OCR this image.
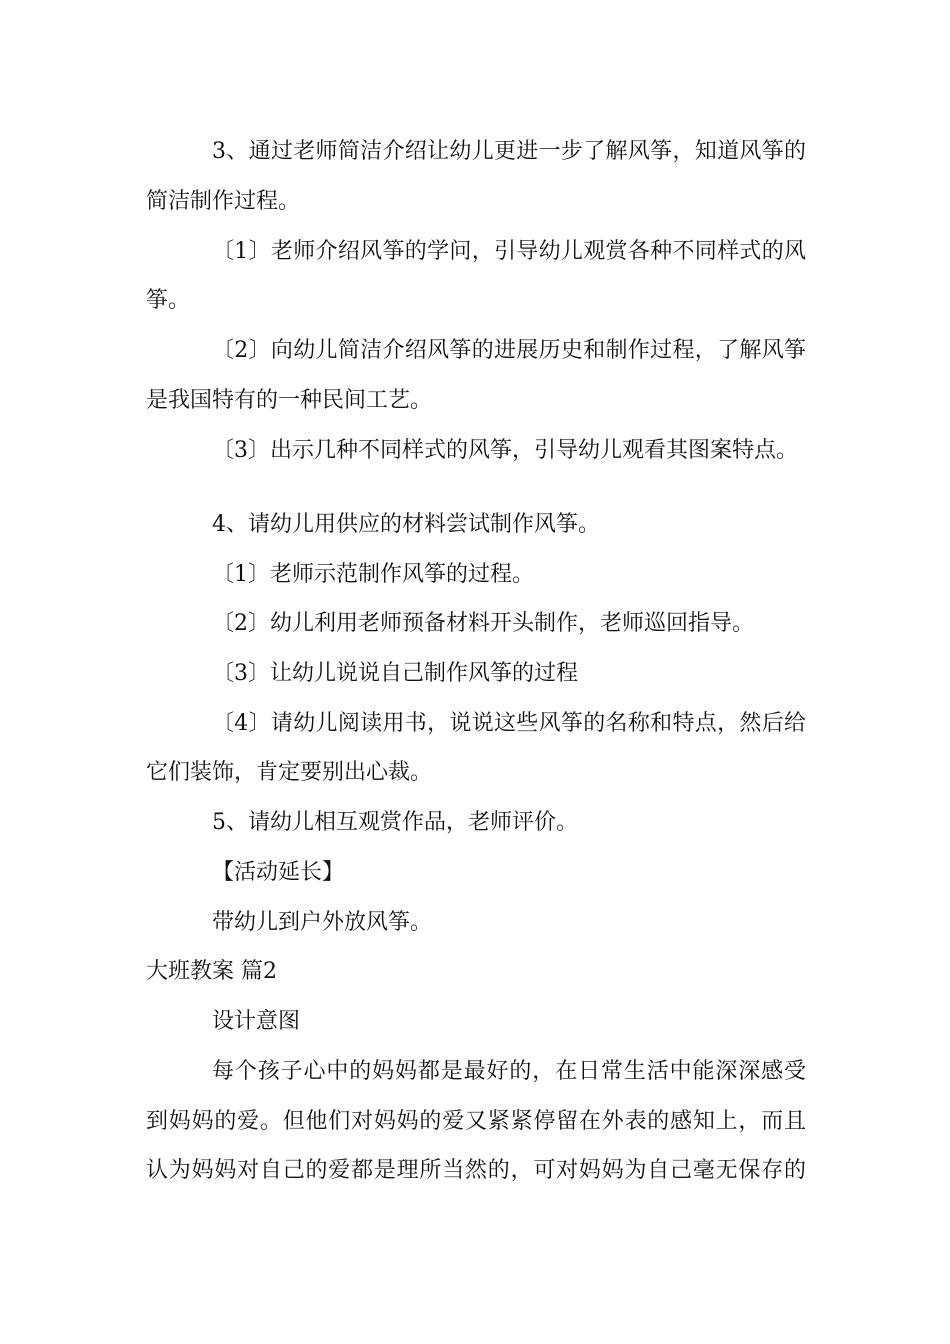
3、通过老师简洁介绍让幼儿更进一步了解风筝，知道风筝的
简洁制作过程。
〔1〕老师介绍风筝的学问，引导幼儿观赏各种不同样式的风
筝。
〔2〕向幼儿简洁介绍风筝的进展历史和制作过程，了解风筝
是我国特有的一种民间工艺。
〔3〕出示几种不同样式的风筝，引导幼儿观看其图案特点。
4、请幼儿用供应的材料尝试制作风筝。
〔1〕老师示范制作风筝的过程。
〔2〕幼儿利用老师预备材料开头制作，老师巡回指导。
〔3〕让幼儿说说自己制作风筝的过程
〔4〕请幼儿阅读用书，说说这些风筝的名称和特点，然后给
它们装饰，肯定要别出心裁。
5、请幼儿相互观赏作品，老师评价。
【活动延长】
带幼儿到户外放风筝。
大班教案 篇2
设计意图
每个孩子心中的妈妈都是最好的，在日常生活中能深深感受
到妈妈的爱。但他们对妈妈的爱又紧紧停留在外表的感知上，而且
认为妈妈对自己的爱都是理所当然的，可对妈妈为自己毫无保存的
